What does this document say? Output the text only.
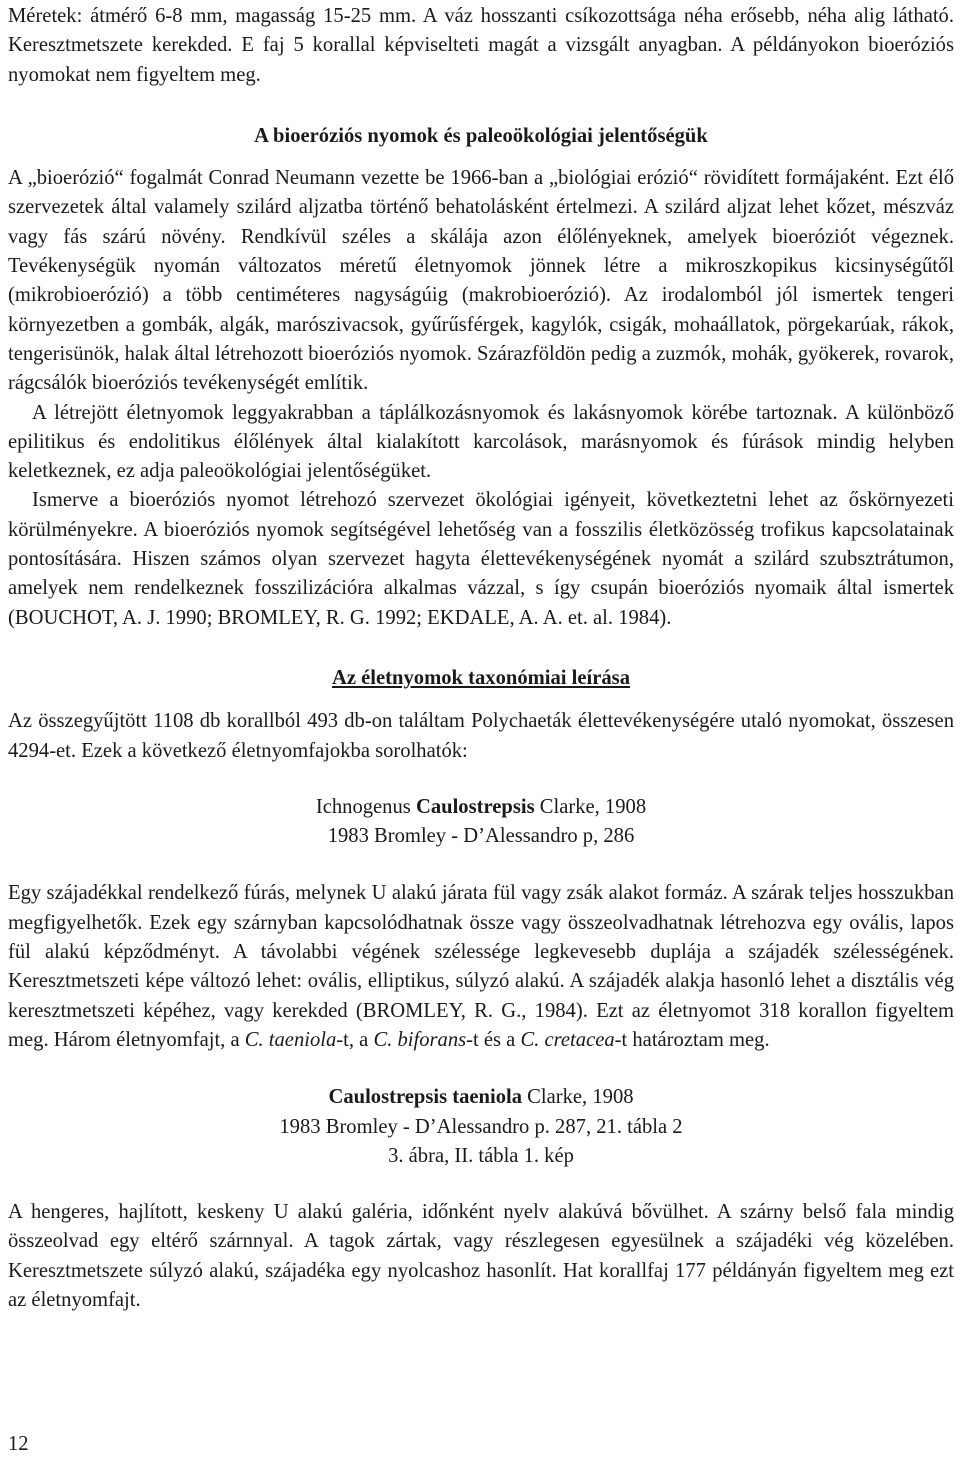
Méretek: átmérő 6-8 mm, magasság 15-25 mm. A váz hosszanti csíkozottsága néha erősebb, néha alig látható. Keresztmetszete kerekded. E faj 5 korallal képviselteti magát a vizsgált anyagban. A példányokon bioeróziós nyomokat nem figyeltem meg.

A bioeróziós nyomok és paleoökológiai jelentőségük

A „bioerózió“ fogalmát Conrad Neumann vezette be 1966-ban a „biológiai erózió“ rövidített formájaként. Ezt élő szervezetek által valamely szilárd aljzatba történő behatolásként értelmezi. A szilárd aljzat lehet kőzet, mészváz vagy fás szárú növény. Rendkívül széles a skálája azon élőlényeknek, amelyek bioeróziót végeznek. Tevékenységük nyomán változatos méretű életnyomok jönnek létre a mikroszkopikus kicsinységűtől (mikrobioerózió) a több centiméteres nagyságúig (makrobioerózió). Az irodalomból jól ismertek tengeri környezetben a gombák, algák, marószivacsok, gyűrűsférgek, kagylók, csigák, mohaállatok, pörgekarúak, rákok, tengerisünök, halak által létrehozott bioeróziós nyomok. Szárazföldön pedig a zuzmók, mohák, gyökerek, rovarok, rágcsálók bioeróziós tevékenységét említik.

A létrejött életnyomok leggyakrabban a táplálkozásnyomok és lakásnyomok körébe tartoznak. A különböző epilitikus és endolitikus élőlények által kialakított karcolások, marásnyomok és fúrások mindig helyben keletkeznek, ez adja paleoökológiai jelentőségüket.

Ismerve a bioeróziós nyomot létrehozó szervezet ökológiai igényeit, következtetni lehet az őskörnyezeti körülményekre. A bioeróziós nyomok segítségével lehetőség van a fosszilis életközösség trofikus kapcsolatainak pontosítására. Hiszen számos olyan szervezet hagyta élettevékenységének nyomát a szilárd szubsztrátumon, amelyek nem rendelkeznek fosszilizációra alkalmas vázzal, s így csupán bioeróziós nyomaik által ismertek (BOUCHOT, A. J. 1990; BROMLEY, R. G. 1992; EKDALE, A. A. et. al. 1984).

Az életnyomok taxonómiai leírása

Az összegyűjtött 1108 db korallból 493 db-on találtam Polychaeták élettevékenységére utaló nyomokat, összesen 4294-et. Ezek a következő életnyomfajokba sorolhatók:

Ichnogenus Caulostrepsis Clarke, 1908
1983 Bromley - D’Alessandro p, 286

Egy szájadékkal rendelkező fúrás, melynek U alakú járata fül vagy zsák alakot formáz. A szárak teljes hosszukban megfigyelhetők. Ezek egy szárnyban kapcsolódhatnak össze vagy összeolvadhatnak létrehozva egy ovális, lapos fül alakú képződményt. A távolabbi végének szélessége legkevesebb duplája a szájadék szélességének. Keresztmetszeti képe változó lehet: ovális, elliptikus, súlyzó alakú. A szájadék alakja hasonló lehet a disztális vég keresztmetszeti képéhez, vagy kerekded (BROMLEY, R. G., 1984). Ezt az életnyomot 318 korallon figyeltem meg. Három életnyomfajt, a C. taeniola-t, a C. biforans-t és a C. cretacea-t határoztam meg.

Caulostrepsis taeniola Clarke, 1908
1983 Bromley - D’Alessandro p. 287, 21. tábla 2
3. ábra, II. tábla 1. kép

A hengeres, hajlított, keskeny U alakú galéria, időnként nyelv alakúvá bővülhet. A szárny belső fala mindig összeolvad egy eltérő szárnnyal. A tagok zártak, vagy részlegesen egyesülnek a szájadéki vég közelében. Keresztmetszete súlyzó alakú, szájadéka egy nyolcashoz hasonlít. Hat korallfaj 177 példányán figyeltem meg ezt az életnyomfajt.

12
